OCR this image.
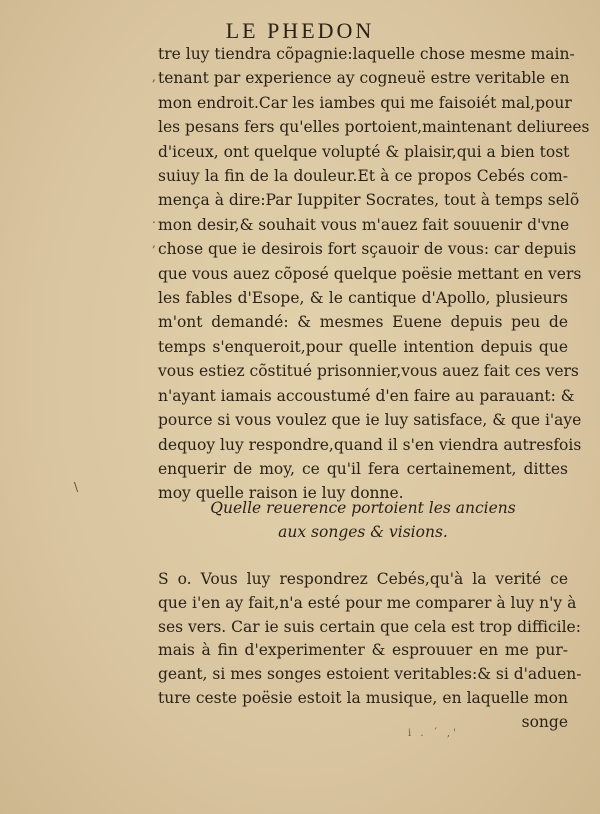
LE PHEDON
tre luy tiendra cõpagnie:laquelle chose mesme main-
tenant par experience ay cogneuë estre veritable en
mon endroit.Car les iambes qui me faisoiét mal,pour
les pesans fers qu'elles portoient,maintenant deliurees
d'iceux, ont quelque volupté & plaisir,qui a bien tost
suiuy la fin de la douleur.Et à ce propos Cebés com-
mença à dire:Par Iuppiter Socrates, tout à temps selõ
mon desir,& souhait vous m'auez fait souuenir d'vne
chose que ie desirois fort sçauoir de vous: car depuis
que vous auez cõposé quelque poësie mettant en vers
les fables d'Esope, & le cantique d'Apollo, plusieurs
m'ont demandé: & mesmes Euene depuis peu de
temps s'enqueroit,pour quelle intention depuis que
vous estiez cõstitué prisonnier,vous auez fait ces vers
n'ayant iamais accoustumé d'en faire au parauant: &
pource si vous voulez que ie luy satisface, & que i'aye
dequoy luy respondre,quand il s'en viendra autresfois
enquerir de moy, ce qu'il fera certainement, dittes
moy quelle raison ie luy donne.
Quelle reuerence portoient les anciens
aux songes & visions.
S o. Vous luy respondrez Cebés,qu'à la verité ce
que i'en ay fait,n'a esté pour me comparer à luy n'y à
ses vers. Car ie suis certain que cela est trop difficile:
mais à fin d'experimenter & esprouuer en me pur-
geant, si mes songes estoient veritables:& si d'aduen-
ture ceste poësie estoit la musique, en laquelle mon
songe
,
.
,
\
i . ´ ,'
